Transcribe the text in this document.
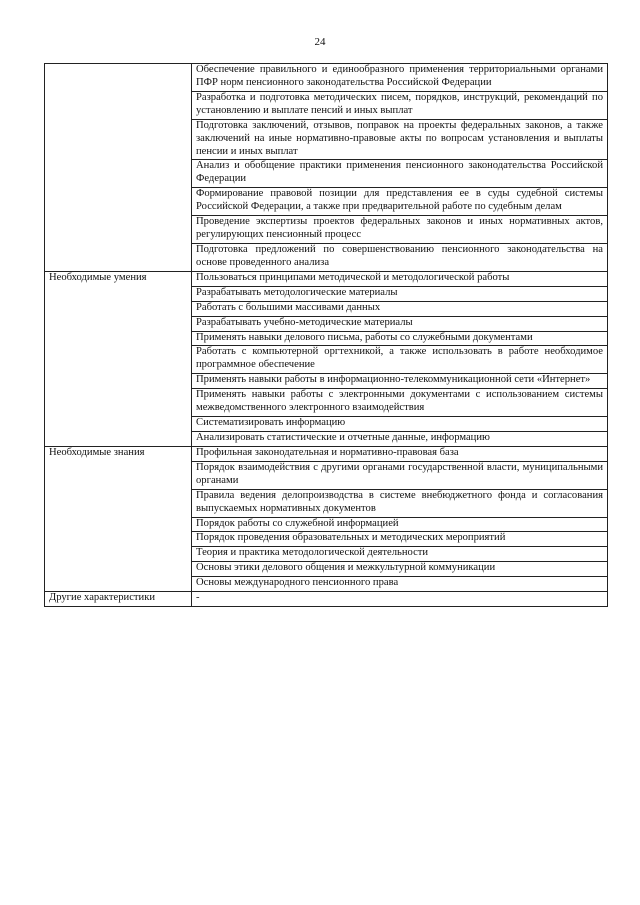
24
	Обеспечение правильного и единообразного применения территориальными органами ПФР норм пенсионного законодательства Российской Федерации
	Разработка и подготовка методических писем, порядков, инструкций, рекомендаций по установлению и выплате пенсий и иных выплат
	Подготовка заключений, отзывов, поправок на проекты федеральных законов, а также заключений на иные нормативно-правовые акты по вопросам установления и выплаты пенсии и иных выплат
	Анализ и обобщение практики применения пенсионного законодательства Российской Федерации
	Формирование правовой позиции для представления ее в суды судебной системы Российской Федерации, а также при предварительной работе по судебным делам
	Проведение экспертизы проектов федеральных законов и иных нормативных актов, регулирующих пенсионный процесс
	Подготовка предложений по совершенствованию пенсионного законодательства на основе проведенного анализа
Необходимые умения	Пользоваться принципами методической и методологической работы
	Разрабатывать методологические материалы
	Работать с большими массивами данных
	Разрабатывать учебно-методические материалы
	Применять навыки делового письма, работы со служебными документами
	Работать с компьютерной оргтехникой, а также использовать в работе необходимое программное обеспечение
	Применять навыки работы в информационно-телекоммуникационной сети «Интернет»
	Применять навыки работы с электронными документами с использованием системы межведомственного электронного взаимодействия
	Систематизировать информацию
	Анализировать статистические и отчетные данные, информацию
Необходимые знания	Профильная законодательная и нормативно-правовая база
	Порядок взаимодействия с другими органами государственной власти, муниципальными органами
	Правила ведения делопроизводства в системе внебюджетного фонда и согласования выпускаемых нормативных документов
	Порядок работы со служебной информацией
	Порядок проведения образовательных и методических мероприятий
	Теория и практика методологической деятельности
	Основы этики делового общения и межкультурной коммуникации
	Основы международного пенсионного права
Другие характеристики	-
